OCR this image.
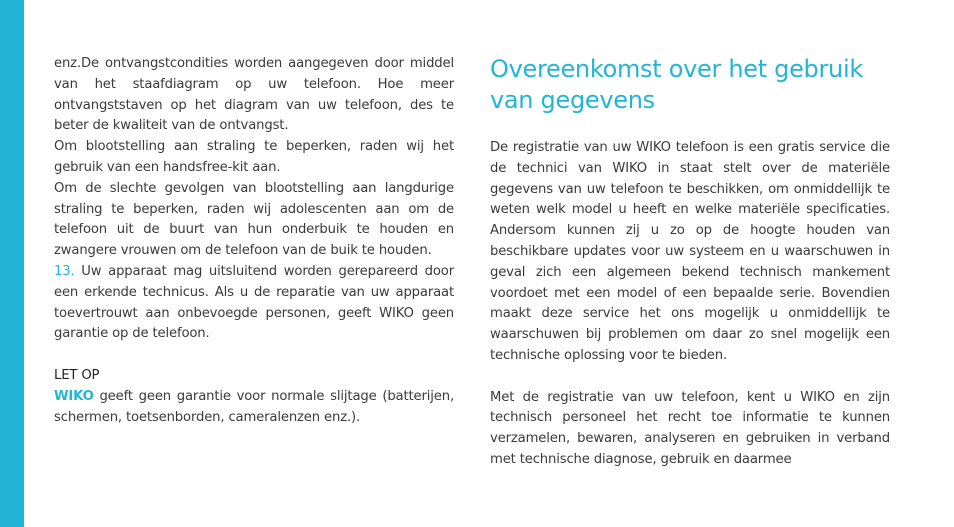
enz.De ontvangstcondities worden aangegeven door middel van het staafdiagram op uw telefoon. Hoe meer ontvangststaven op het diagram van uw telefoon, des te beter de kwaliteit van de ontvangst.

Om blootstelling aan straling te beperken, raden wij het gebruik van een handsfree-kit aan.

Om de slechte gevolgen van blootstelling aan langdurige straling te beperken, raden wij adolescenten aan om de telefoon uit de buurt van hun onderbuik te houden en zwangere vrouwen om de telefoon van de buik te houden.

13. Uw apparaat mag uitsluitend worden gerepareerd door een erkende technicus. Als u de reparatie van uw apparaat toevertrouwt aan onbevoegde personen, geeft WIKO geen garantie op de telefoon.

LET OP

WIKO geeft geen garantie voor normale slijtage (batterijen, schermen, toetsenborden, cameralenzen enz.).

Overeenkomst over het gebruik van gegevens

De registratie van uw WIKO telefoon is een gratis service die de technici van WIKO in staat stelt over de materiële gegevens van uw telefoon te beschikken, om onmiddellijk te weten welk model u heeft en welke materiële specificaties. Andersom kunnen zij u zo op de hoogte houden van beschikbare updates voor uw systeem en u waarschuwen in geval zich een algemeen bekend technisch mankement voordoet met een model of een bepaalde serie. Bovendien maakt deze service het ons mogelijk u onmiddellijk te waarschuwen bij problemen om daar zo snel mogelijk een technische oplossing voor te bieden.

Met de registratie van uw telefoon, kent u WIKO en zijn technisch personeel het recht toe informatie te kunnen verzamelen, bewaren, analyseren en gebruiken in verband met technische diagnose, gebruik en daarmee
